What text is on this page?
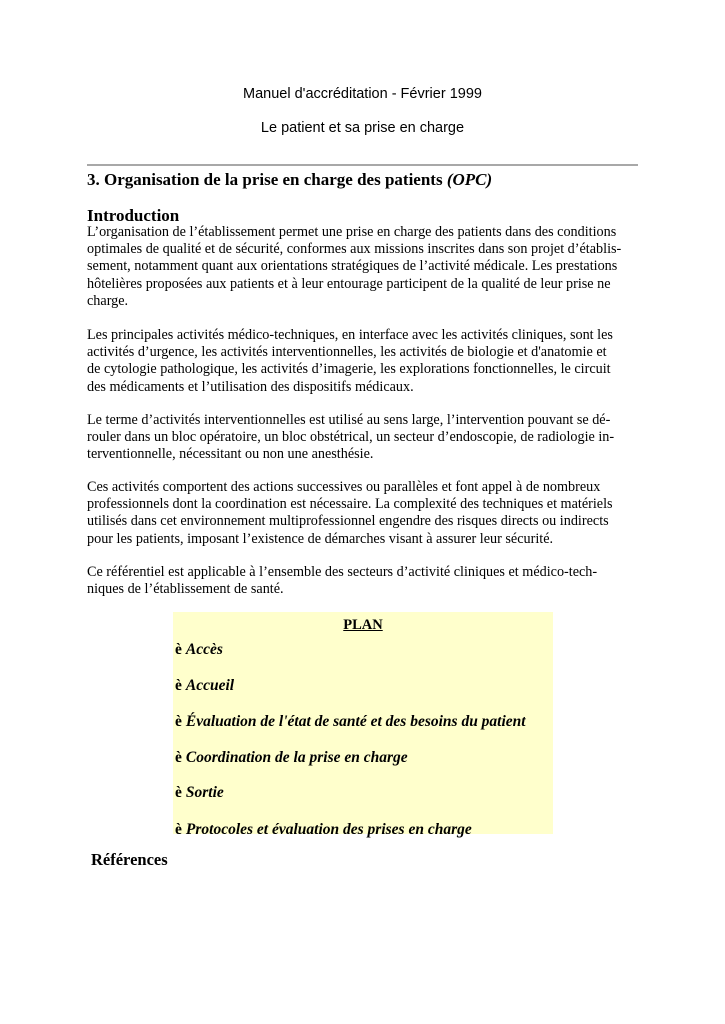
Manuel d'accréditation - Février 1999
Le patient et sa prise en charge
3. Organisation de la prise en charge des patients (OPC)
Introduction
L’organisation de l’établissement permet une prise en charge des patients dans des conditions
optimales de qualité et de sécurité, conformes aux missions inscrites dans son projet d’établis-
sement, notamment quant aux orientations stratégiques de l’activité médicale. Les prestations
hôtelières proposées aux patients et à leur entourage participent de la qualité de leur prise ne
charge.
Les principales activités médico-techniques, en interface avec les activités cliniques, sont les
activités d’urgence, les activités interventionnelles, les activités de biologie et d'anatomie et
de cytologie pathologique, les activités d’imagerie, les explorations fonctionnelles, le circuit
des médicaments et l’utilisation des dispositifs médicaux.
Le terme d’activités interventionnelles est utilisé au sens large, l’intervention pouvant se dé-
rouler dans un bloc opératoire, un bloc obstétrical, un secteur d’endoscopie, de radiologie in-
terventionnelle, nécessitant ou non une anesthésie.
Ces activités comportent des actions successives ou parallèles et font appel à de nombreux
professionnels dont la coordination est nécessaire. La complexité des techniques et matériels
utilisés dans cet environnement multiprofessionnel engendre des risques directs ou indirects
pour les patients, imposant l’existence de démarches visant à assurer leur sécurité.
Ce référentiel est applicable à l’ensemble des secteurs d’activité cliniques et médico-tech-
niques de l’établissement de santé.
PLAN
è Accès
è Accueil
è Évaluation de l'état de santé et des besoins du patient
è Coordination de la prise en charge
è Sortie
è Protocoles et évaluation des prises en charge
Références
